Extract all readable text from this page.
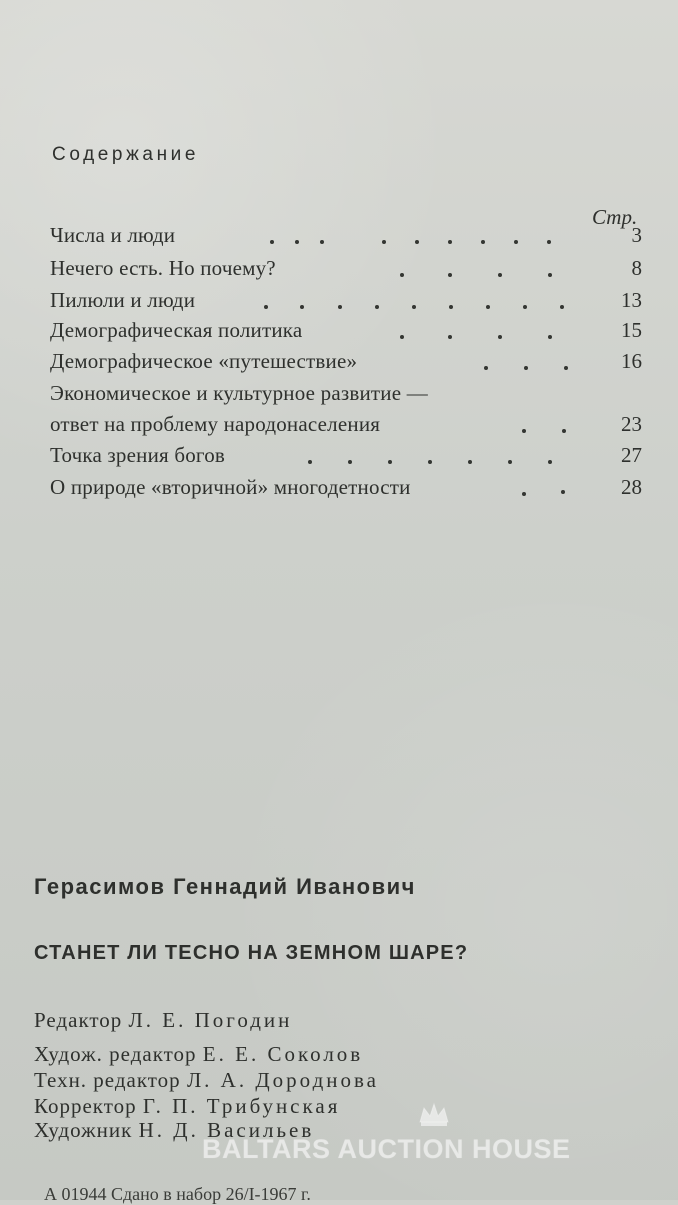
Содержание
Стр.
Числа и люди	3
Нечего есть. Но почему?	8
Пилюли и люди	13
Демографическая политика	15
Демографическое «путешествие»	16
Экономическое и культурное развитие —
ответ на проблему народонаселения	23
Точка зрения богов	27
О природе «вторичной» многодетности	28
Герасимов Геннадий Иванович
СТАНЕТ ЛИ ТЕСНО НА ЗЕМНОМ ШАРЕ?
Редактор Л. Е. Погодин
Худож. редактор Е. Е. Соколов
Техн. редактор Л. А. Дороднова
Корректор Г. П. Трибунская
Художник Н. Д. Васильев
BALTARS AUCTION HOUSE
А 01944 Сдано в набор 26/I-1967 г.
